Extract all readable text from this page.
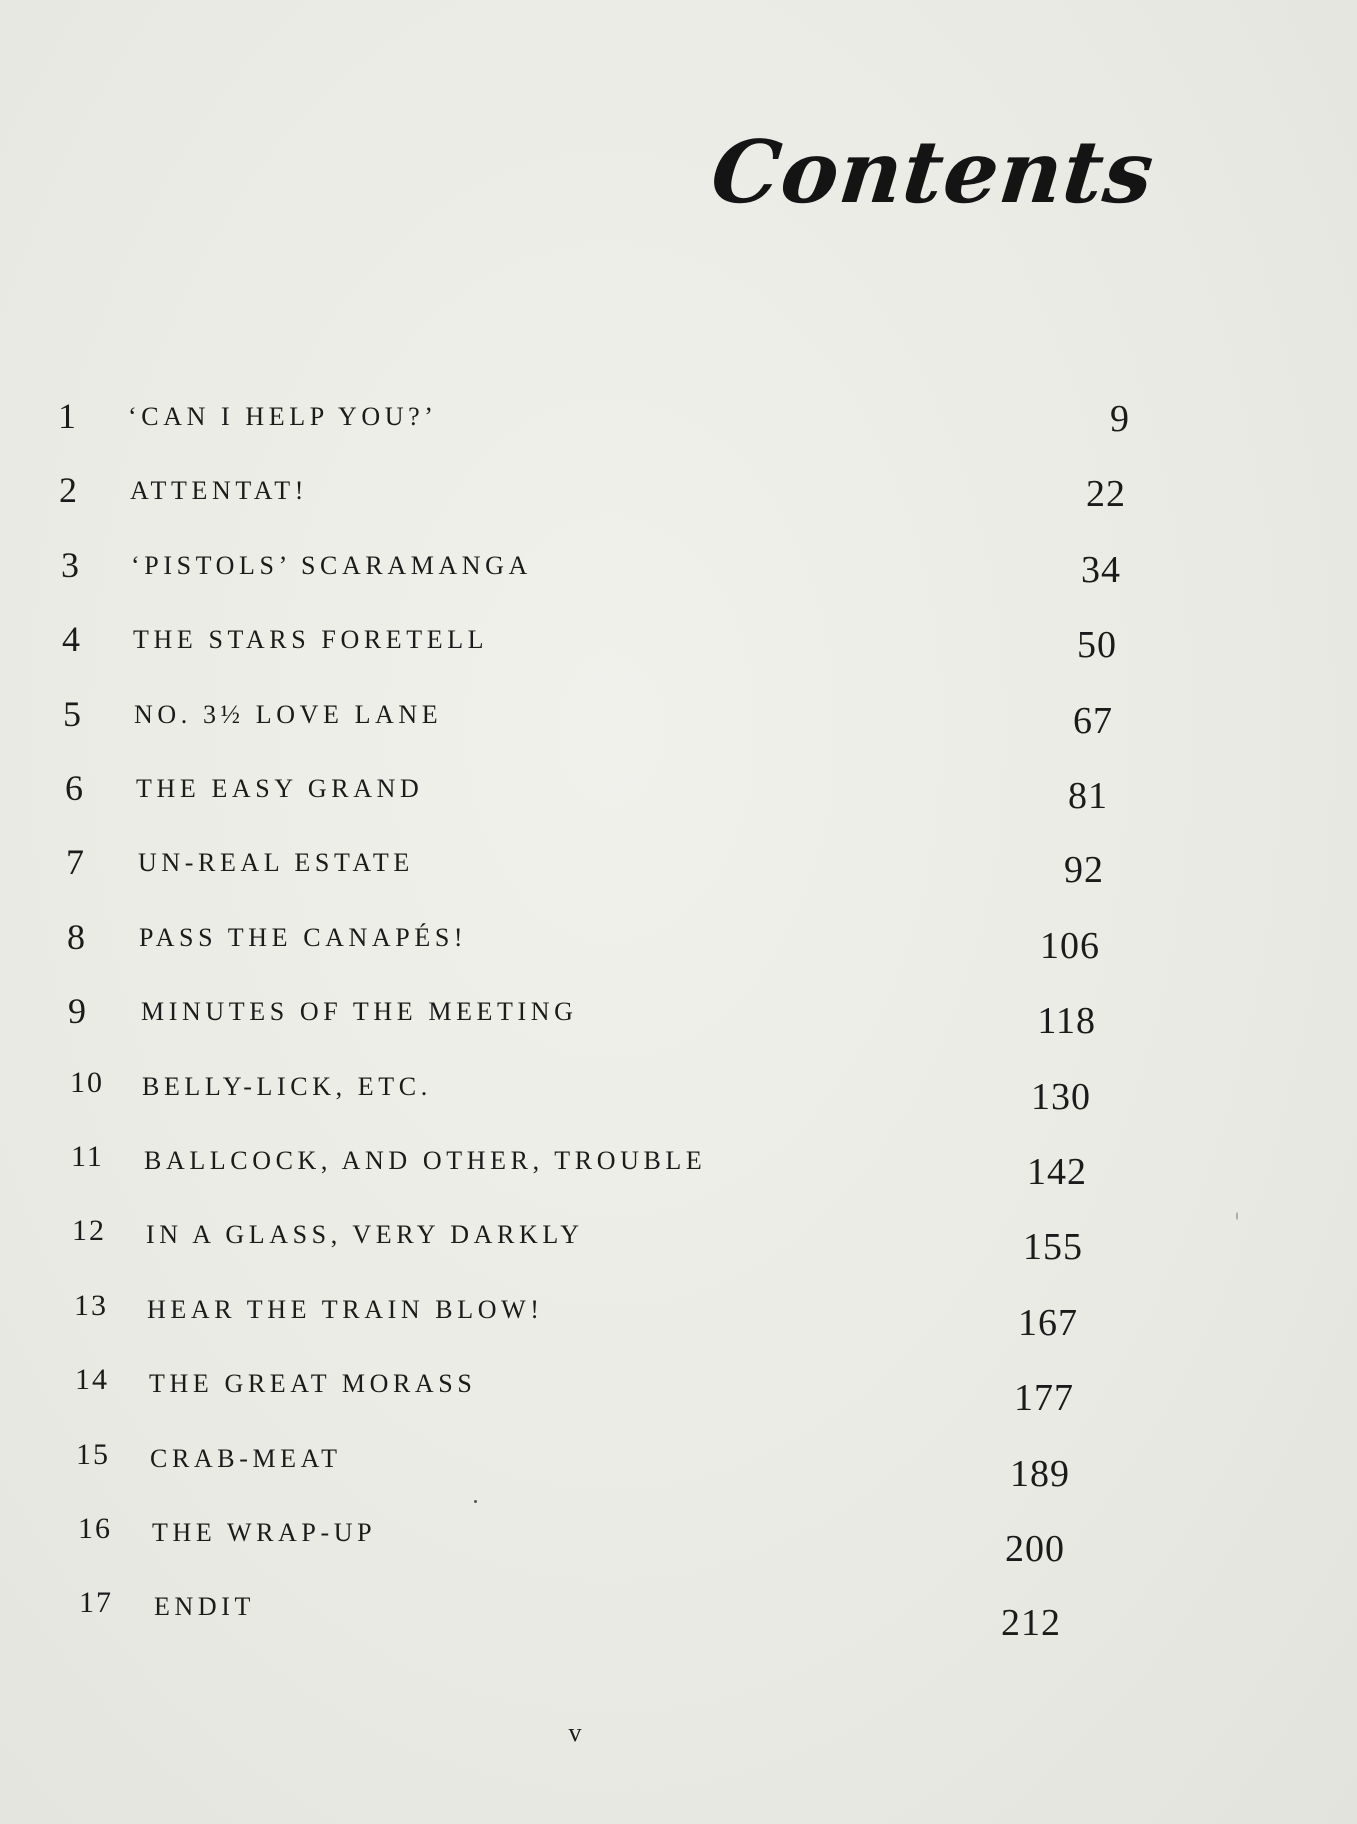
Contents
1 ‘CAN I HELP YOU?’	9
2 ATTENTAT!	22
3 ‘PISTOLS’ SCARAMANGA	34
4 THE STARS FORETELL	50
5 NO. 3½ LOVE LANE	67
6 THE EASY GRAND	81
7 UN-REAL ESTATE	92
8 PASS THE CANAPÉS!	106
9 MINUTES OF THE MEETING	118
10 BELLY-LICK, ETC.	130
11 BALLCOCK, AND OTHER, TROUBLE	142
12 IN A GLASS, VERY DARKLY	155
13 HEAR THE TRAIN BLOW!	167
14 THE GREAT MORASS	177
15 CRAB-MEAT	189
16 THE WRAP-UP	200
17 ENDIT	212
v
